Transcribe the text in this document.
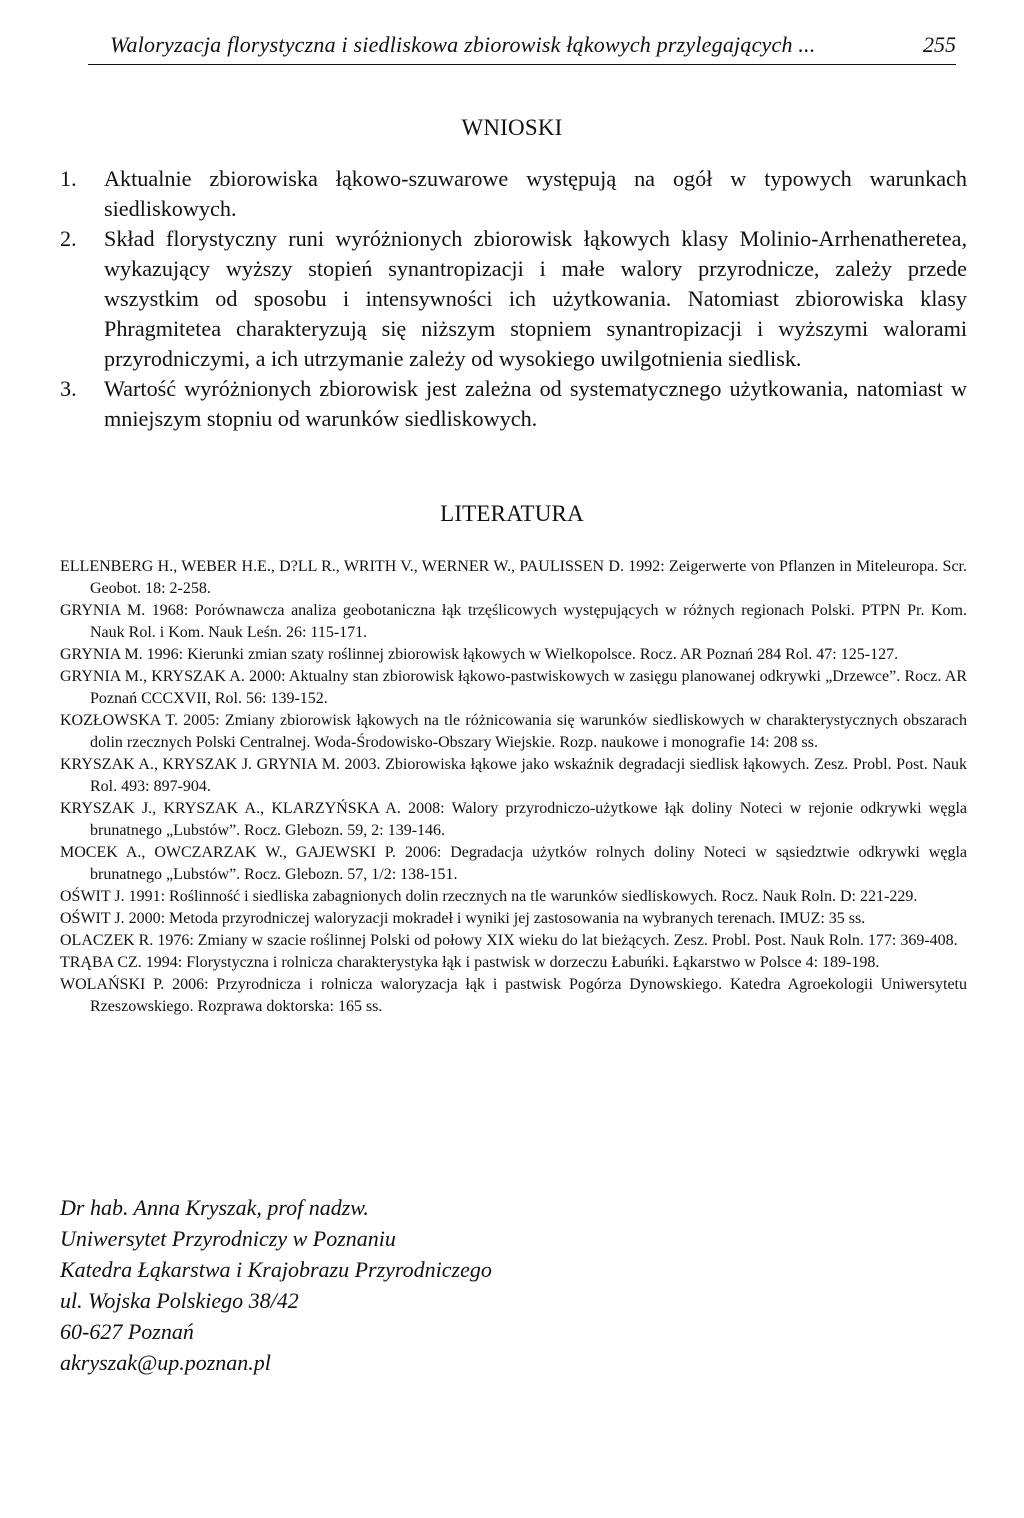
Waloryzacja florystyczna i siedliskowa zbiorowisk łąkowych przylegających ...	255
WNIOSKI
1.	Aktualnie zbiorowiska łąkowo-szuwarowe występują na ogół w typowych warunkach siedliskowych.
2.	Skład florystyczny runi wyróżnionych zbiorowisk łąkowych klasy Molinio-Arrhenatheretea, wykazujący wyższy stopień synantropizacji i małe walory przyrodnicze, zależy przede wszystkim od sposobu i intensywności ich użytkowania. Natomiast zbiorowiska klasy Phragmitetea charakteryzują się niższym stopniem synantropizacji i wyższymi walorami przyrodniczymi, a ich utrzymanie zależy od wysokiego uwilgotnienia siedlisk.
3.	Wartość wyróżnionych zbiorowisk jest zależna od systematycznego użytkowania, natomiast w mniejszym stopniu od warunków siedliskowych.
LITERATURA

ELLENBERG H., WEBER H.E., D?LL R., WRITH V., WERNER W., PAULISSEN D. 1992: Zeigerwerte von Pflanzen in Miteleuropa. Scr. Geobot. 18: 2-258.

GRYNIA M. 1968: Porównawcza analiza geobotaniczna łąk trzęślicowych występujących w różnych regionach Polski. PTPN Pr. Kom. Nauk Rol. i Kom. Nauk Leśn. 26: 115-171.

GRYNIA M. 1996: Kierunki zmian szaty roślinnej zbiorowisk łąkowych w Wielkopolsce. Rocz. AR Poznań 284 Rol. 47: 125-127.

GRYNIA M., KRYSZAK A. 2000: Aktualny stan zbiorowisk łąkowo-pastwiskowych w zasięgu planowanej odkrywki „Drzewce”. Rocz. AR Poznań CCCXVII, Rol. 56: 139-152.

KOZŁOWSKA T. 2005: Zmiany zbiorowisk łąkowych na tle różnicowania się warunków siedliskowych w charakterystycznych obszarach dolin rzecznych Polski Centralnej. Woda-Środowisko-Obszary Wiejskie. Rozp. naukowe i monografie 14: 208 ss.

KRYSZAK A., KRYSZAK J. GRYNIA M. 2003. Zbiorowiska łąkowe jako wskaźnik degradacji siedlisk łąkowych. Zesz. Probl. Post. Nauk Rol. 493: 897-904.

KRYSZAK J., KRYSZAK A., KLARZYŃSKA A. 2008: Walory przyrodniczo-użytkowe łąk doliny Noteci w rejonie odkrywki węgla brunatnego „Lubstów”. Rocz. Glebozn. 59, 2: 139-146.

MOCEK A., OWCZARZAK W., GAJEWSKI P. 2006: Degradacja użytków rolnych doliny Noteci w sąsiedztwie odkrywki węgla brunatnego „Lubstów”. Rocz. Glebozn. 57, 1/2: 138-151.

OŚWIT J. 1991: Roślinność i siedliska zabagnionych dolin rzecznych na tle warunków siedliskowych. Rocz. Nauk Roln. D: 221-229.

OŚWIT J. 2000: Metoda przyrodniczej waloryzacji mokradeł i wyniki jej zastosowania na wybranych terenach. IMUZ: 35 ss.

OLACZEK R. 1976: Zmiany w szacie roślinnej Polski od połowy XIX wieku do lat bieżących. Zesz. Probl. Post. Nauk Roln. 177: 369-408.

TRĄBA CZ. 1994: Florystyczna i rolnicza charakterystyka łąk i pastwisk w dorzeczu Łabuńki. Łąkarstwo w Polsce 4: 189-198.

WOLAŃSKI P. 2006: Przyrodnicza i rolnicza waloryzacja łąk i pastwisk Pogórza Dynowskiego. Katedra Agroekologii Uniwersytetu Rzeszowskiego. Rozprawa doktorska: 165 ss.

Dr hab. Anna Kryszak, prof nadzw.
Uniwersytet Przyrodniczy w Poznaniu
Katedra Łąkarstwa i Krajobrazu Przyrodniczego
ul. Wojska Polskiego 38/42
60-627 Poznań
akryszak@up.poznan.pl
